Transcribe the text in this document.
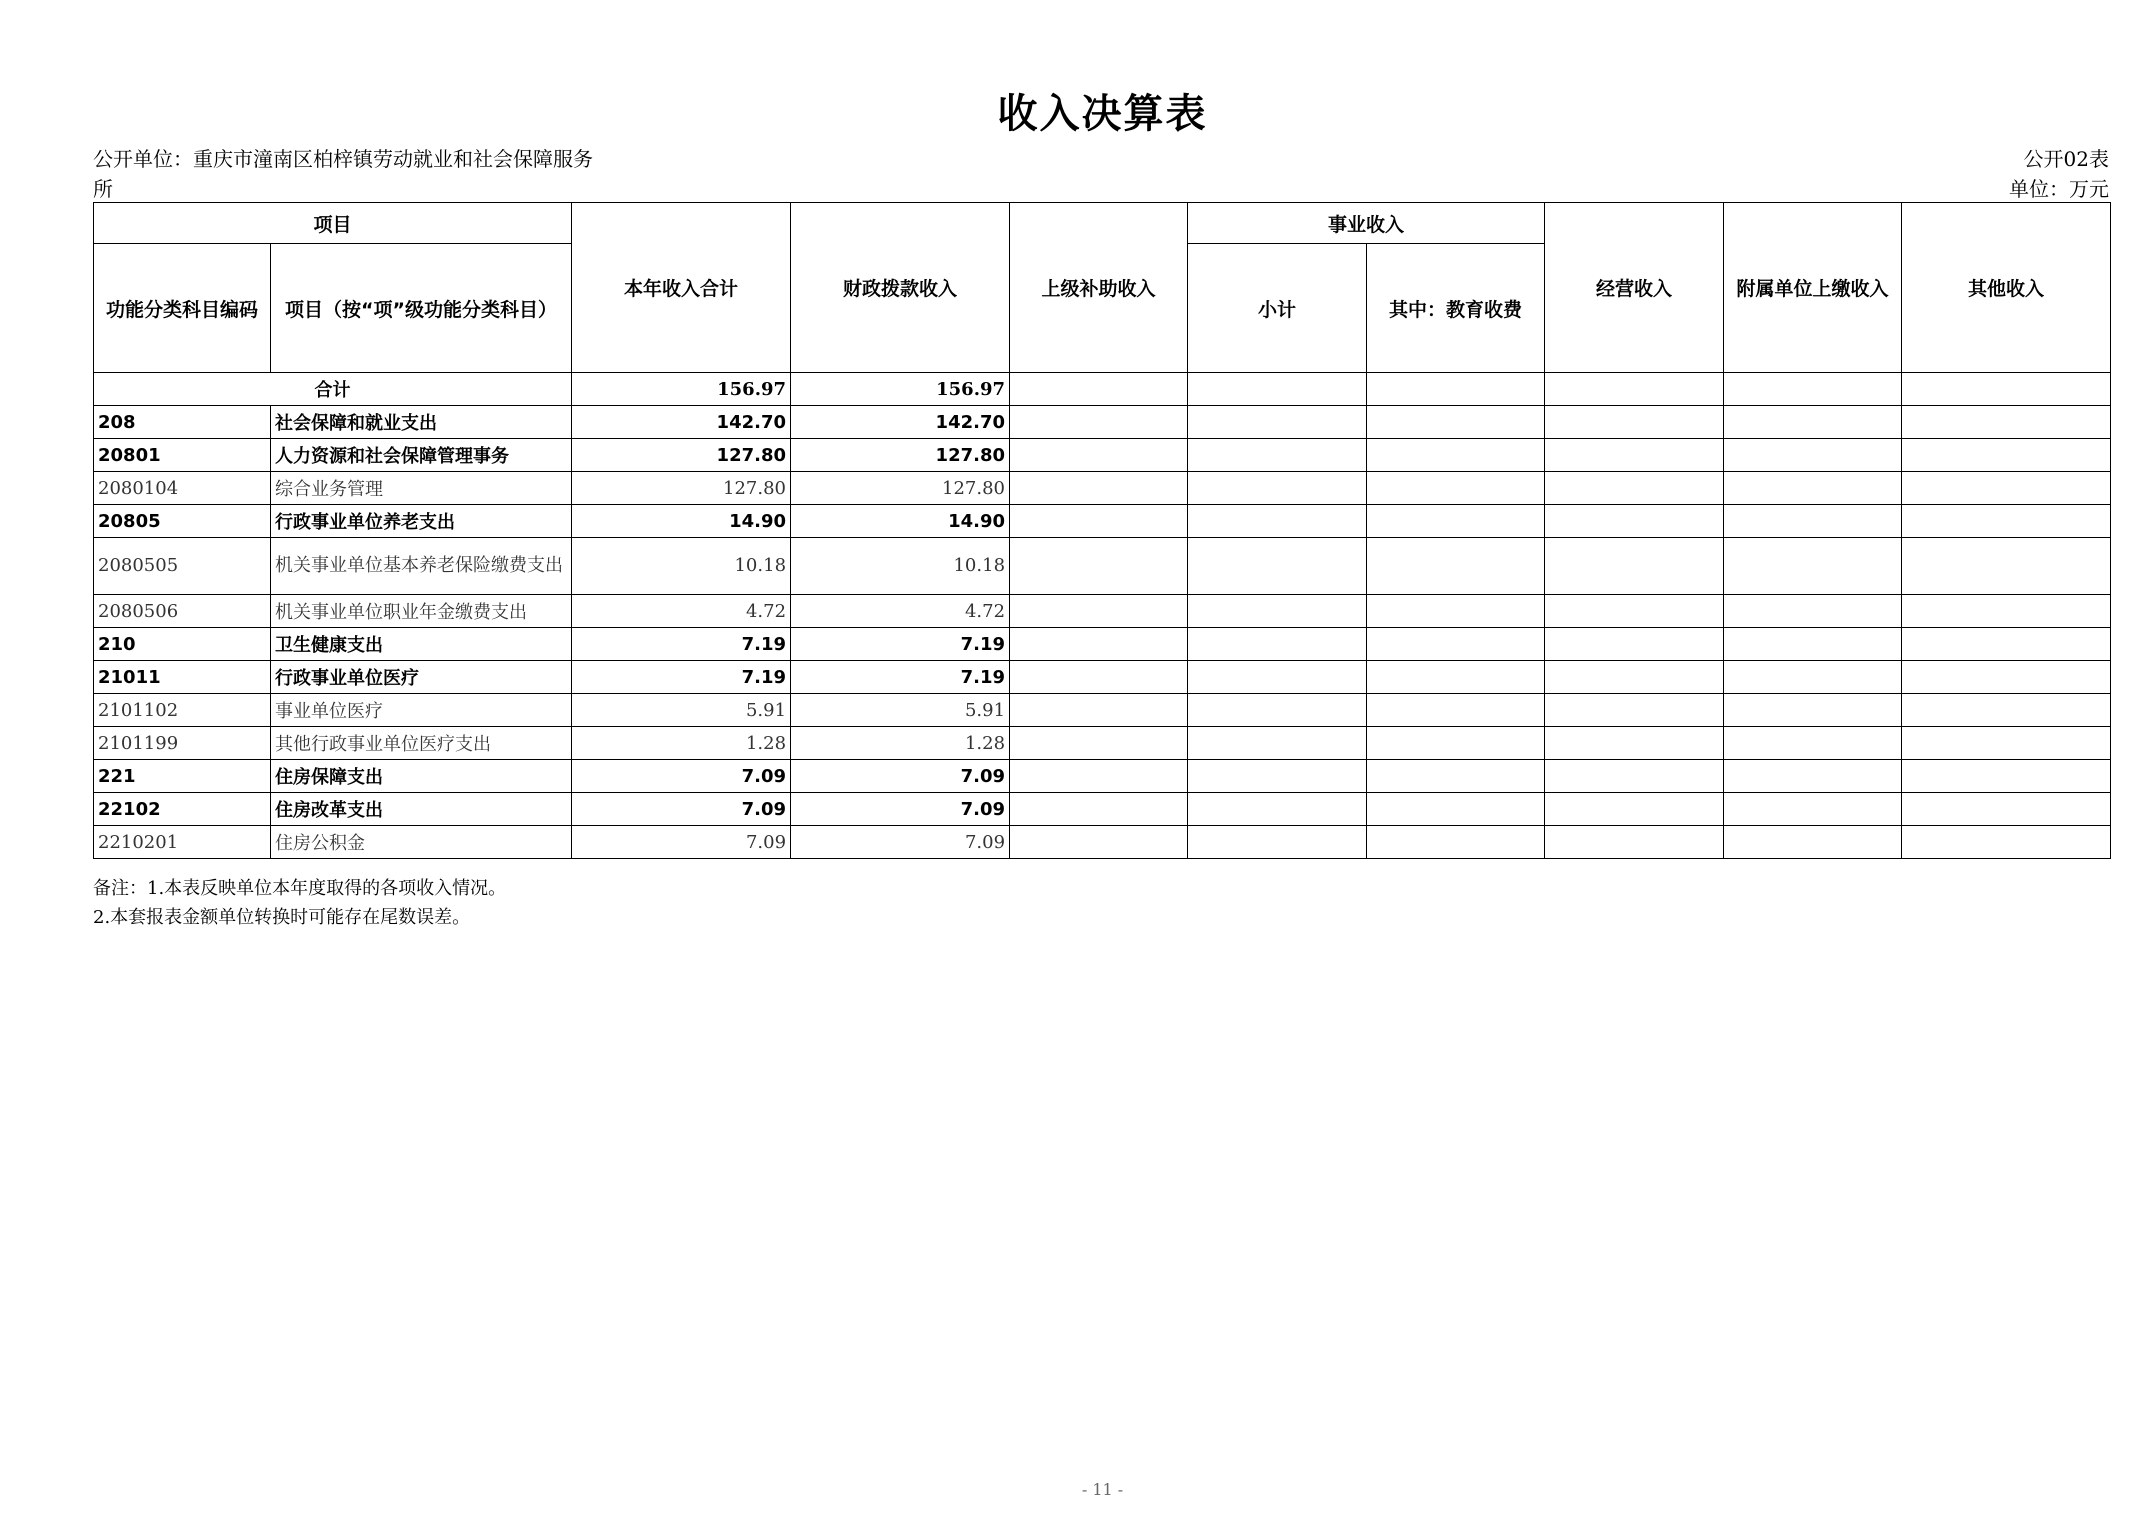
收入决算表
公开单位：重庆市潼南区柏梓镇劳动就业和社会保障服务所
公开02表
单位：万元
项目		本年收入合计	财政拨款收入	上级补助收入	事业收入		经营收入	附属单位上缴收入	其他收入
功能分类科目编码	项目（按“项”级功能分类科目）				小计	其中：教育收费			
合计		156.97	156.97						
208	社会保障和就业支出	142.70	142.70						
20801	人力资源和社会保障管理事务	127.80	127.80						
2080104	综合业务管理	127.80	127.80						
20805	行政事业单位养老支出	14.90	14.90						
2080505	机关事业单位基本养老保险缴费支出	10.18	10.18						
2080506	机关事业单位职业年金缴费支出	4.72	4.72						
210	卫生健康支出	7.19	7.19						
21011	行政事业单位医疗	7.19	7.19						
2101102	事业单位医疗	5.91	5.91						
2101199	其他行政事业单位医疗支出	1.28	1.28						
221	住房保障支出	7.09	7.09						
22102	住房改革支出	7.09	7.09						
2210201	住房公积金	7.09	7.09						
备注：1.本表反映单位本年度取得的各项收入情况。
2.本套报表金额单位转换时可能存在尾数误差。
- 11 -
